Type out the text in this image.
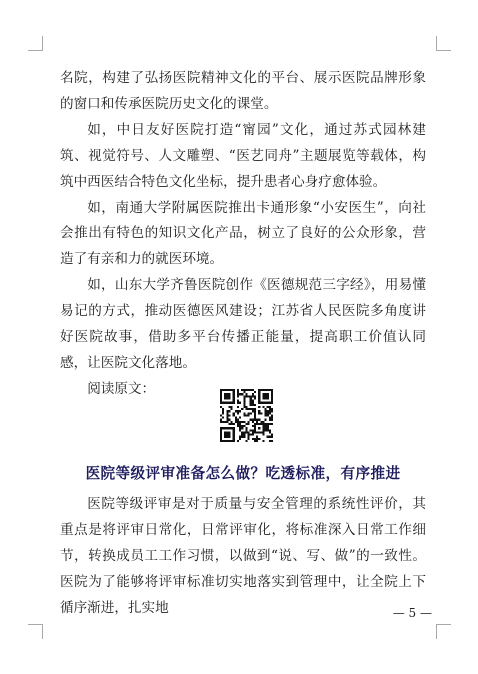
名院，构建了弘扬医院精神文化的平台、展示医院品牌形象的窗口和传承医院历史文化的课堂。

如，中日友好医院打造“甯园”文化，通过苏式园林建筑、视觉符号、人文雕塑、“医艺同舟”主题展览等载体，构筑中西医结合特色文化坐标，提升患者心身疗愈体验。

如，南通大学附属医院推出卡通形象“小安医生”，向社会推出有特色的知识文化产品，树立了良好的公众形象，营造了有亲和力的就医环境。

如，山东大学齐鲁医院创作《医德规范三字经》，用易懂易记的方式，推动医德医风建设；江苏省人民医院多角度讲好医院故事，借助多平台传播正能量，提高职工价值认同感，让医院文化落地。

阅读原文：

医院等级评审准备怎么做？吃透标准，有序推进

医院等级评审是对于质量与安全管理的系统性评价，其重点是将评审日常化，日常评审化，将标准深入日常工作细节，转换成员工工作习惯，以做到“说、写、做”的一致性。医院为了能够将评审标准切实地落实到管理中，让全院上下循序渐进，扎实地	— 5 —
